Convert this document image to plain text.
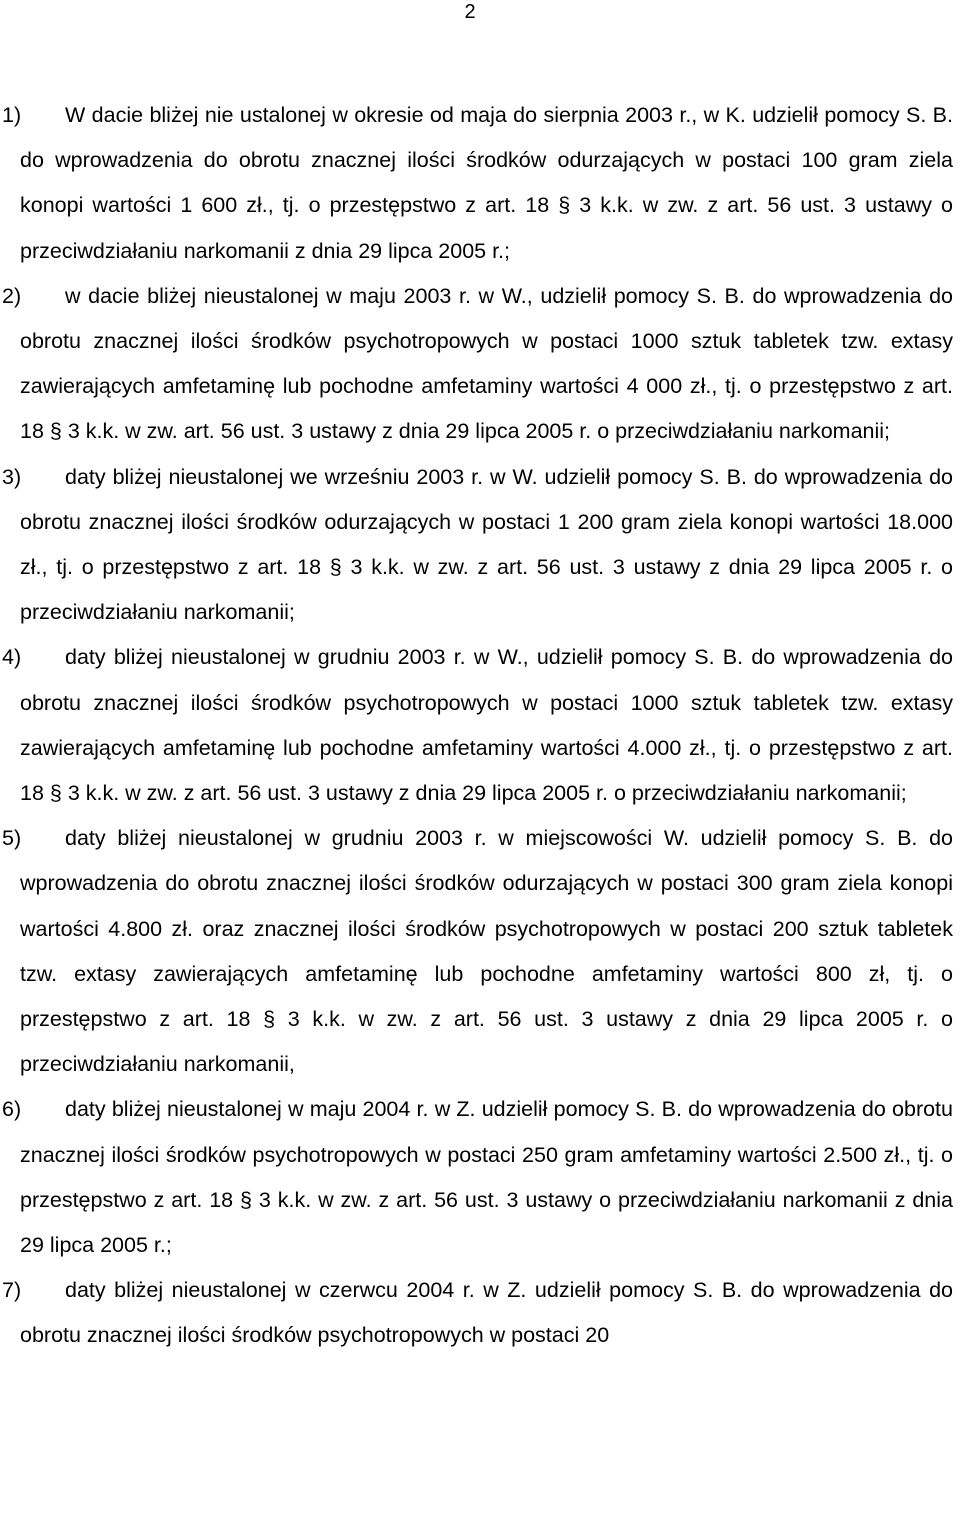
2

1)	W dacie bliżej nie ustalonej w okresie od maja do sierpnia 2003 r., w K. udzielił pomocy S. B. do wprowadzenia do obrotu znacznej ilości środków odurzających w postaci 100 gram ziela konopi wartości 1 600 zł., tj. o przestępstwo z art. 18 § 3 k.k. w zw. z art. 56 ust. 3 ustawy o przeciwdziałaniu narkomanii z dnia 29 lipca 2005 r.;

2)	w dacie bliżej nieustalonej w maju 2003 r. w W., udzielił pomocy S. B. do wprowadzenia do obrotu znacznej ilości środków psychotropowych w postaci 1000 sztuk tabletek tzw. extasy zawierających amfetaminę lub pochodne amfetaminy wartości 4 000 zł., tj. o przestępstwo z art. 18 § 3 k.k. w zw. art. 56 ust. 3 ustawy z dnia 29 lipca 2005 r. o przeciwdziałaniu narkomanii;

3)	daty bliżej nieustalonej we wrześniu 2003 r. w W. udzielił pomocy S. B. do wprowadzenia do obrotu znacznej ilości środków odurzających w postaci 1 200 gram ziela konopi wartości 18.000 zł., tj. o przestępstwo z art. 18 § 3 k.k. w zw. z art. 56 ust. 3 ustawy z dnia 29 lipca 2005 r. o przeciwdziałaniu narkomanii;

4)	daty bliżej nieustalonej w grudniu 2003 r. w W., udzielił pomocy S. B. do wprowadzenia do obrotu znacznej ilości środków psychotropowych w postaci 1000 sztuk tabletek tzw. extasy zawierających amfetaminę lub pochodne amfetaminy wartości 4.000 zł., tj. o przestępstwo z art. 18 § 3 k.k. w zw. z art. 56 ust. 3 ustawy z dnia 29 lipca 2005 r. o przeciwdziałaniu narkomanii;

5)	daty bliżej nieustalonej w grudniu 2003 r. w miejscowości W. udzielił pomocy S. B. do wprowadzenia do obrotu znacznej ilości środków odurzających w postaci 300 gram ziela konopi wartości 4.800 zł. oraz znacznej ilości środków psychotropowych w postaci 200 sztuk tabletek tzw. extasy zawierających amfetaminę lub pochodne amfetaminy wartości 800 zł, tj. o przestępstwo z art. 18 § 3 k.k. w zw. z art. 56 ust. 3 ustawy z dnia 29 lipca 2005 r. o przeciwdziałaniu narkomanii,

6)	daty bliżej nieustalonej w maju 2004 r. w Z. udzielił pomocy S. B. do wprowadzenia do obrotu znacznej ilości środków psychotropowych w postaci 250 gram amfetaminy wartości 2.500 zł., tj. o przestępstwo z art. 18 § 3 k.k. w zw. z art. 56 ust. 3 ustawy o przeciwdziałaniu narkomanii z dnia 29 lipca 2005 r.;

7)	daty bliżej nieustalonej w czerwcu 2004 r. w Z. udzielił pomocy S. B. do wprowadzenia do obrotu znacznej ilości środków psychotropowych w postaci 20
